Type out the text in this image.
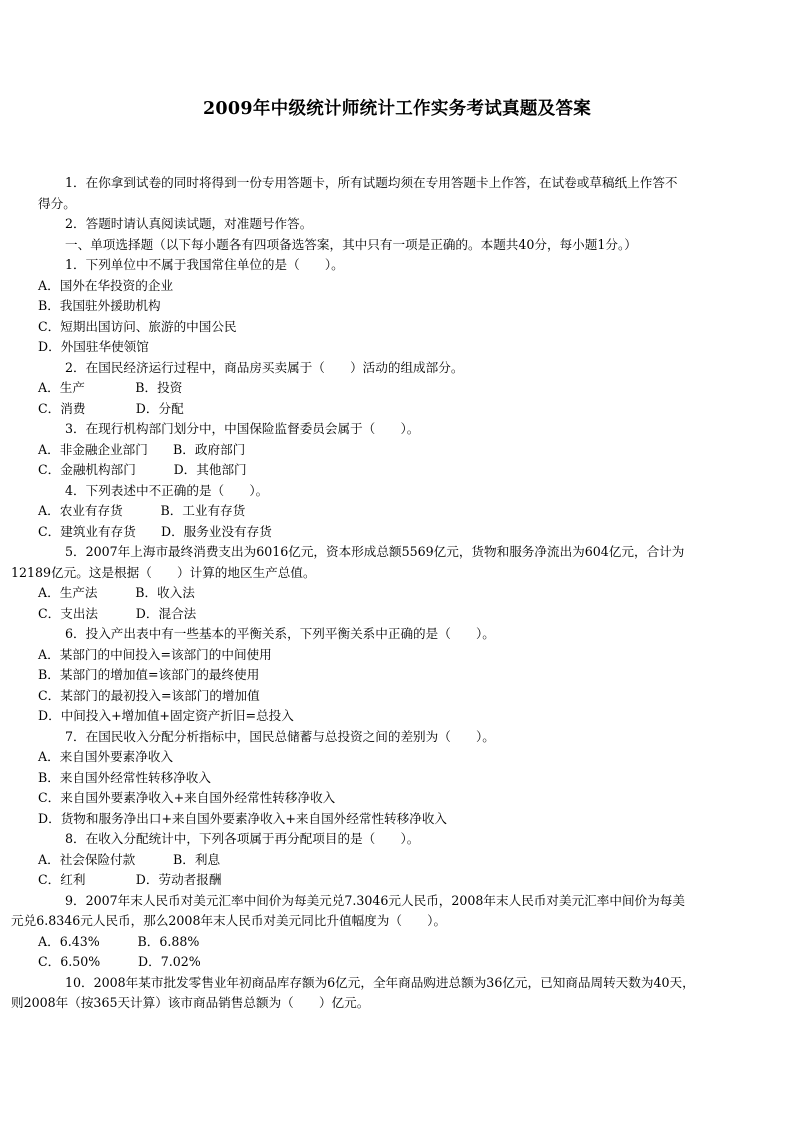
2009年中级统计师统计工作实务考试真题及答案
1．在你拿到试卷的同时将得到一份专用答题卡，所有试题均须在专用答题卡上作答，在试卷或草稿纸上作答不
得分。
2．答题时请认真阅读试题，对准题号作答。
一、单项选择题（以下每小题各有四项备选答案，其中只有一项是正确的。本题共40分，每小题1分。）
1．下列单位中不属于我国常住单位的是（　　）。
A．国外在华投资的企业
B．我国驻外援助机构
C．短期出国访问、旅游的中国公民
D．外国驻华使领馆
2．在国民经济运行过程中，商品房买卖属于（　　）活动的组成部分。
A．生产　　　　B．投资
C．消费　　　　D．分配
3．在现行机构部门划分中，中国保险监督委员会属于（　　）。
A．非金融企业部门　　B．政府部门
C．金融机构部门　　　D．其他部门
4．下列表述中不正确的是（　　）。
A．农业有存货　　　B．工业有存货
C．建筑业有存货　　D．服务业没有存货
5．2007年上海市最终消费支出为6016亿元，资本形成总额5569亿元，货物和服务净流出为604亿元，合计为
12189亿元。这是根据（　　）计算的地区生产总值。
A．生产法　　　B．收入法
C．支出法　　　D．混合法
6．投入产出表中有一些基本的平衡关系，下列平衡关系中正确的是（　　）。
A．某部门的中间投入=该部门的中间使用
B．某部门的增加值=该部门的最终使用
C．某部门的最初投入=该部门的增加值
D．中间投入+增加值+固定资产折旧=总投入
7．在国民收入分配分析指标中，国民总储蓄与总投资之间的差别为（　　）。
A．来自国外要素净收入
B．来自国外经常性转移净收入
C．来自国外要素净收入+来自国外经常性转移净收入
D．货物和服务净出口+来自国外要素净收入+来自国外经常性转移净收入
8．在收入分配统计中，下列各项属于再分配项目的是（　　）。
A．社会保险付款　　　B．利息
C．红利　　　　D．劳动者报酬
9．2007年末人民币对美元汇率中间价为每美元兑7.3046元人民币，2008年末人民币对美元汇率中间价为每美
元兑6.8346元人民币，那么2008年末人民币对美元同比升值幅度为（　　）。
A．6.43%　　　B．6.88%
C．6.50%　　　D．7.02%
10．2008年某市批发零售业年初商品库存额为6亿元，全年商品购进总额为36亿元，已知商品周转天数为40天，
则2008年（按365天计算）该市商品销售总额为（　　）亿元。
